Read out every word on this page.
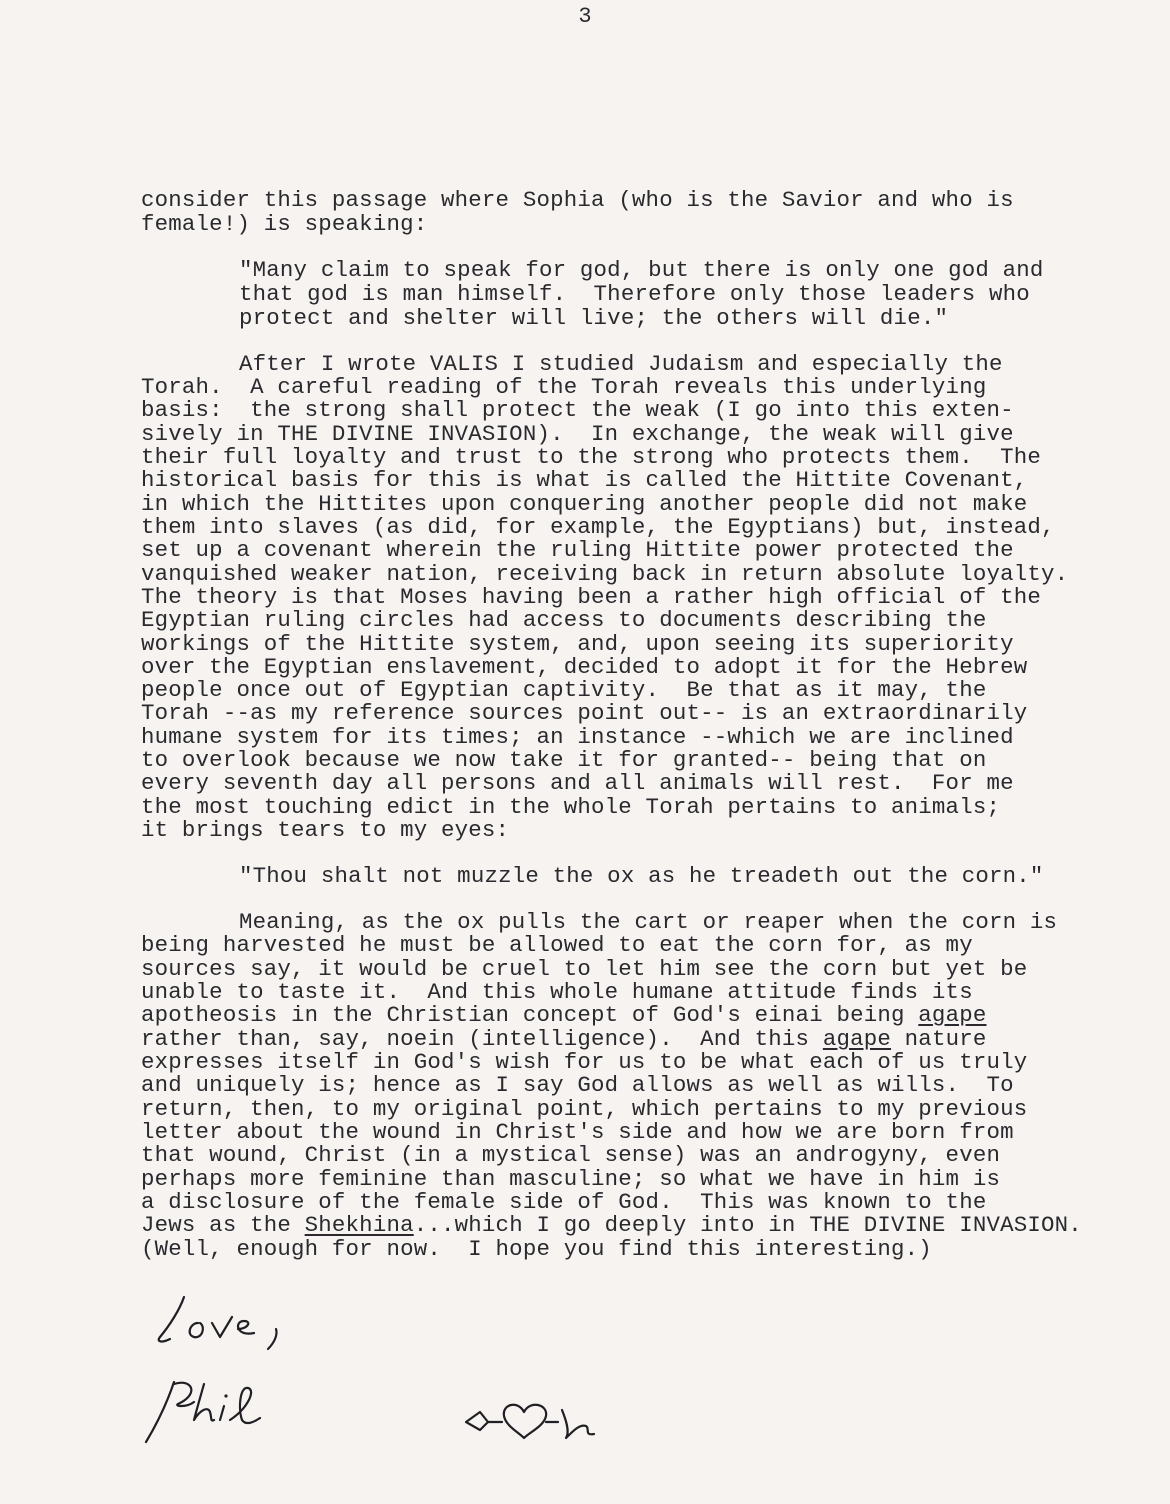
3
consider this passage where Sophia (who is the Savior and who is
female!) is speaking:
"Many claim to speak for god, but there is only one god and
that god is man himself.  Therefore only those leaders who
protect and shelter will live; the others will die."
After I wrote VALIS I studied Judaism and especially the
Torah.  A careful reading of the Torah reveals this underlying
basis:  the strong shall protect the weak (I go into this exten-
sively in THE DIVINE INVASION).  In exchange, the weak will give
their full loyalty and trust to the strong who protects them.  The
historical basis for this is what is called the Hittite Covenant,
in which the Hittites upon conquering another people did not make
them into slaves (as did, for example, the Egyptians) but, instead,
set up a covenant wherein the ruling Hittite power protected the
vanquished weaker nation, receiving back in return absolute loyalty.
The theory is that Moses having been a rather high official of the
Egyptian ruling circles had access to documents describing the
workings of the Hittite system, and, upon seeing its superiority
over the Egyptian enslavement, decided to adopt it for the Hebrew
people once out of Egyptian captivity.  Be that as it may, the
Torah --as my reference sources point out-- is an extraordinarily
humane system for its times; an instance --which we are inclined
to overlook because we now take it for granted-- being that on
every seventh day all persons and all animals will rest.  For me
the most touching edict in the whole Torah pertains to animals;
it brings tears to my eyes:
"Thou shalt not muzzle the ox as he treadeth out the corn."
Meaning, as the ox pulls the cart or reaper when the corn is
being harvested he must be allowed to eat the corn for, as my
sources say, it would be cruel to let him see the corn but yet be
unable to taste it.  And this whole humane attitude finds its
apotheosis in the Christian concept of God's einai being agape
rather than, say, noein (intelligence).  And this agape nature
expresses itself in God's wish for us to be what each of us truly
and uniquely is; hence as I say God allows as well as wills.  To
return, then, to my original point, which pertains to my previous
letter about the wound in Christ's side and how we are born from
that wound, Christ (in a mystical sense) was an androgyny, even
perhaps more feminine than masculine; so what we have in him is
a disclosure of the female side of God.  This was known to the
Jews as the Shekhina...which I go deeply into in THE DIVINE INVASION.
(Well, enough for now.  I hope you find this interesting.)
